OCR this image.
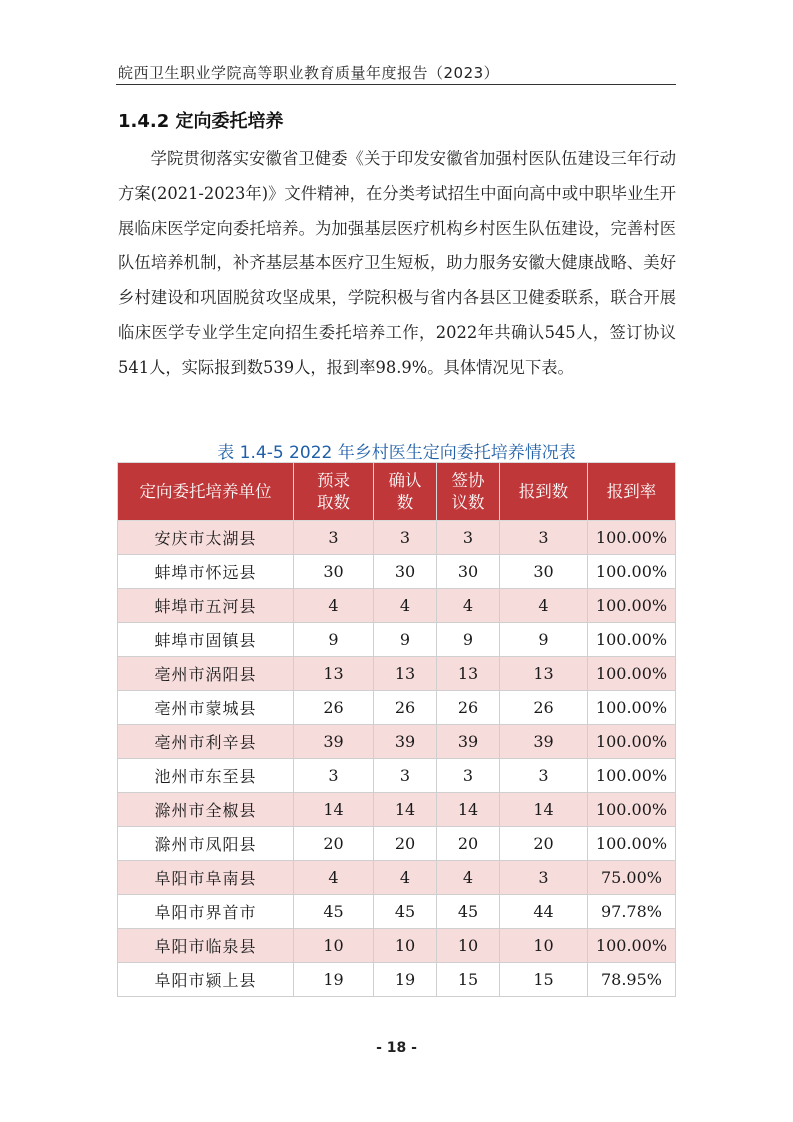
皖西卫生职业学院高等职业教育质量年度报告（2023）
1.4.2 定向委托培养

学院贯彻落实安徽省卫健委《关于印发安徽省加强村医队伍建设三年行动方案(2021-2023年)》文件精神，在分类考试招生中面向高中或中职毕业生开展临床医学定向委托培养。为加强基层医疗机构乡村医生队伍建设，完善村医队伍培养机制，补齐基层基本医疗卫生短板，助力服务安徽大健康战略、美好乡村建设和巩固脱贫攻坚成果，学院积极与省内各县区卫健委联系，联合开展临床医学专业学生定向招生委托培养工作，2022年共确认545人，签订协议541人，实际报到数539人，报到率98.9%。具体情况见下表。

表 1.4-5 2022 年乡村医生定向委托培养情况表
定向委托培养单位	预录取数	确认数	签协议数	报到数	报到率
安庆市太湖县	3	3	3	3	100.00%
蚌埠市怀远县	30	30	30	30	100.00%
蚌埠市五河县	4	4	4	4	100.00%
蚌埠市固镇县	9	9	9	9	100.00%
亳州市涡阳县	13	13	13	13	100.00%
亳州市蒙城县	26	26	26	26	100.00%
亳州市利辛县	39	39	39	39	100.00%
池州市东至县	3	3	3	3	100.00%
滁州市全椒县	14	14	14	14	100.00%
滁州市凤阳县	20	20	20	20	100.00%
阜阳市阜南县	4	4	4	3	75.00%
阜阳市界首市	45	45	45	44	97.78%
阜阳市临泉县	10	10	10	10	100.00%
阜阳市颍上县	19	19	15	15	78.95%
- 18 -
